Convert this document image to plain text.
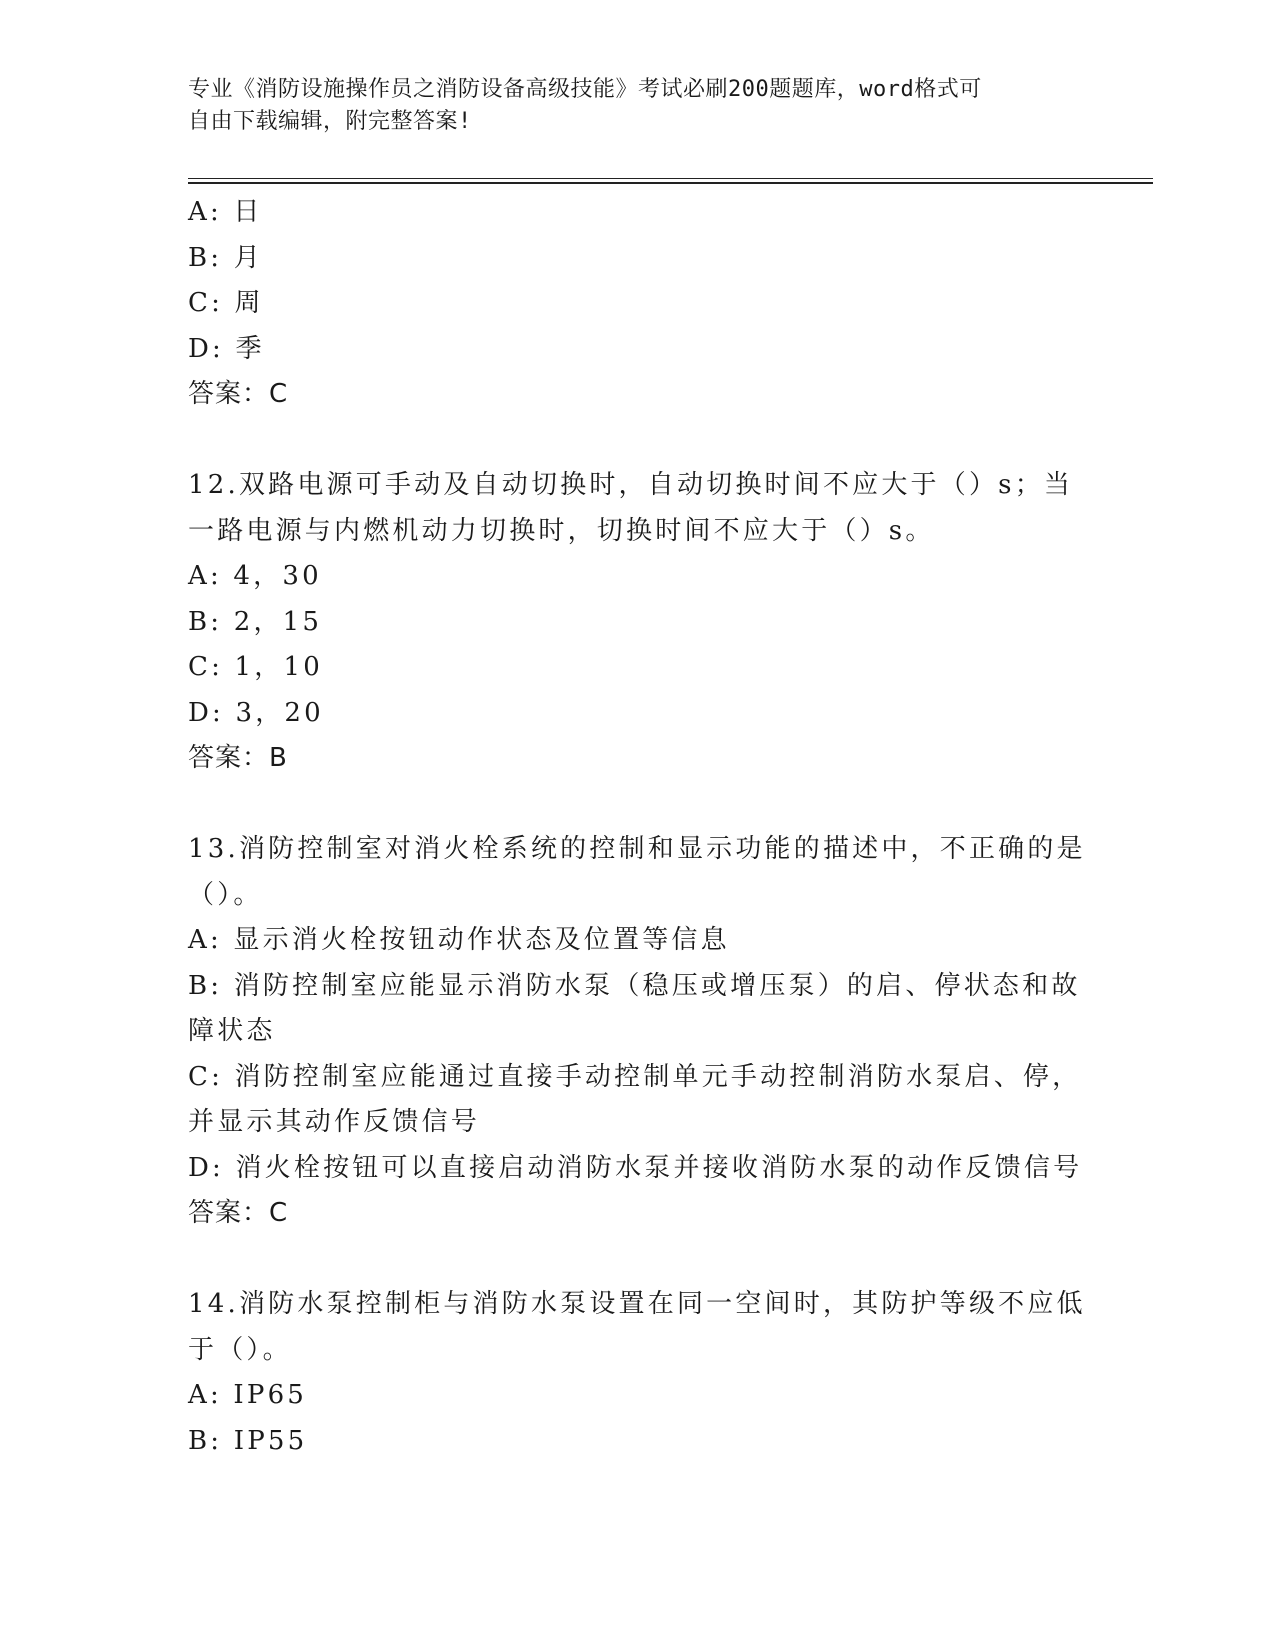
专业《消防设施操作员之消防设备高级技能》考试必刷200题题库，word格式可
自由下载编辑，附完整答案!
A: 日
B: 月
C: 周
D: 季
答案：C
12.双路电源可手动及自动切换时，自动切换时间不应大于（）s；当
一路电源与内燃机动力切换时，切换时间不应大于（）s。
A: 4，30
B: 2，15
C: 1，10
D: 3，20
答案：B
13.消防控制室对消火栓系统的控制和显示功能的描述中，不正确的是
（）。
A: 显示消火栓按钮动作状态及位置等信息
B: 消防控制室应能显示消防水泵（稳压或增压泵）的启、停状态和故
障状态
C: 消防控制室应能通过直接手动控制单元手动控制消防水泵启、停，
并显示其动作反馈信号
D: 消火栓按钮可以直接启动消防水泵并接收消防水泵的动作反馈信号
答案：C
14.消防水泵控制柜与消防水泵设置在同一空间时，其防护等级不应低
于（）。
A: IP65
B: IP55
